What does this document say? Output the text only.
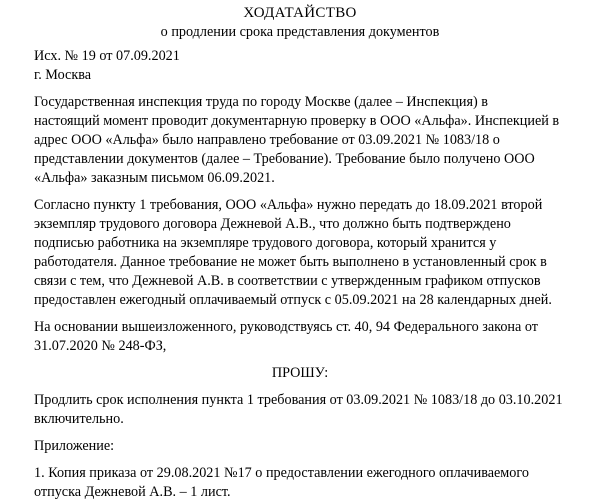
ХОДАТАЙСТВО
о продлении срока представления документов
Исх. № 19 от 07.09.2021
г. Москва
Государственная инспекция труда по городу Москве (далее – Инспекция) в
настоящий момент проводит документарную проверку в ООО «Альфа». Инспекцией в
адрес ООО «Альфа» было направлено требование от 03.09.2021 № 1083/18 о
представлении документов (далее – Требование). Требование было получено ООО
«Альфа» заказным письмом 06.09.2021.
Согласно пункту 1 требования, ООО «Альфа» нужно передать до 18.09.2021 второй
экземпляр трудового договора Дежневой А.В., что должно быть подтверждено
подписью работника на экземпляре трудового договора, который хранится у
работодателя. Данное требование не может быть выполнено в установленный срок в
связи с тем, что Дежневой А.В. в соответствии с утвержденным графиком отпусков
предоставлен ежегодный оплачиваемый отпуск с 05.09.2021 на 28 календарных дней.
На основании вышеизложенного, руководствуясь ст. 40, 94 Федерального закона от
31.07.2020 № 248-ФЗ,
ПРОШУ:
Продлить срок исполнения пункта 1 требования от 03.09.2021 № 1083/18 до 03.10.2021
включительно.
Приложение:
1. Копия приказа от 29.08.2021 №17 о предоставлении ежегодного оплачиваемого
отпуска Дежневой А.В. – 1 лист.
